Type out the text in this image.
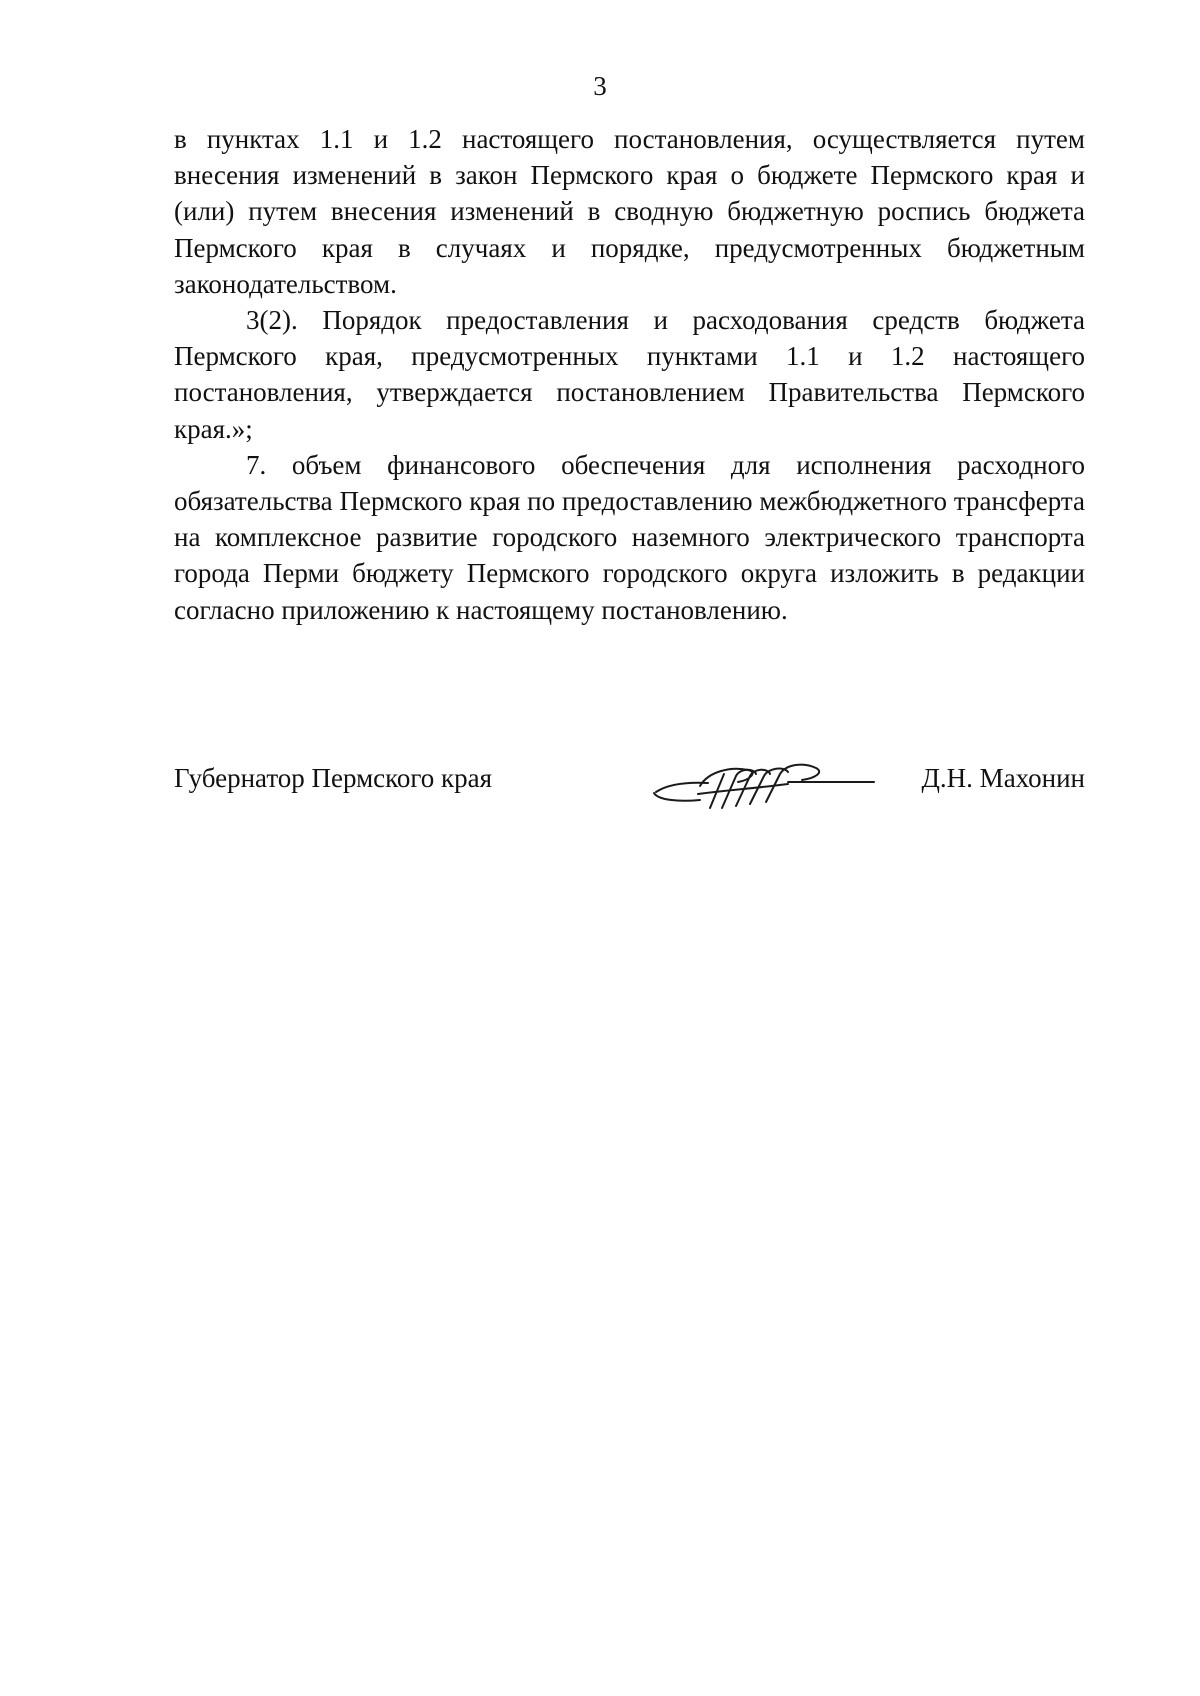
3

в пунктах 1.1 и 1.2 настоящего постановления, осуществляется путем внесения изменений в закон Пермского края о бюджете Пермского края и (или) путем внесения изменений в сводную бюджетную роспись бюджета Пермского края в случаях и порядке, предусмотренных бюджетным законодательством.

3(2). Порядок предоставления и расходования средств бюджета Пермского края, предусмотренных пунктами 1.1 и 1.2 настоящего постановления, утверждается постановлением Правительства Пермского края.»;

7. объем финансового обеспечения для исполнения расходного обязательства Пермского края по предоставлению межбюджетного трансферта на комплексное развитие городского наземного электрического транспорта города Перми бюджету Пермского городского округа изложить в редакции согласно приложению к настоящему постановлению.

Губернатор Пермского края	Д.Н. Махонин
